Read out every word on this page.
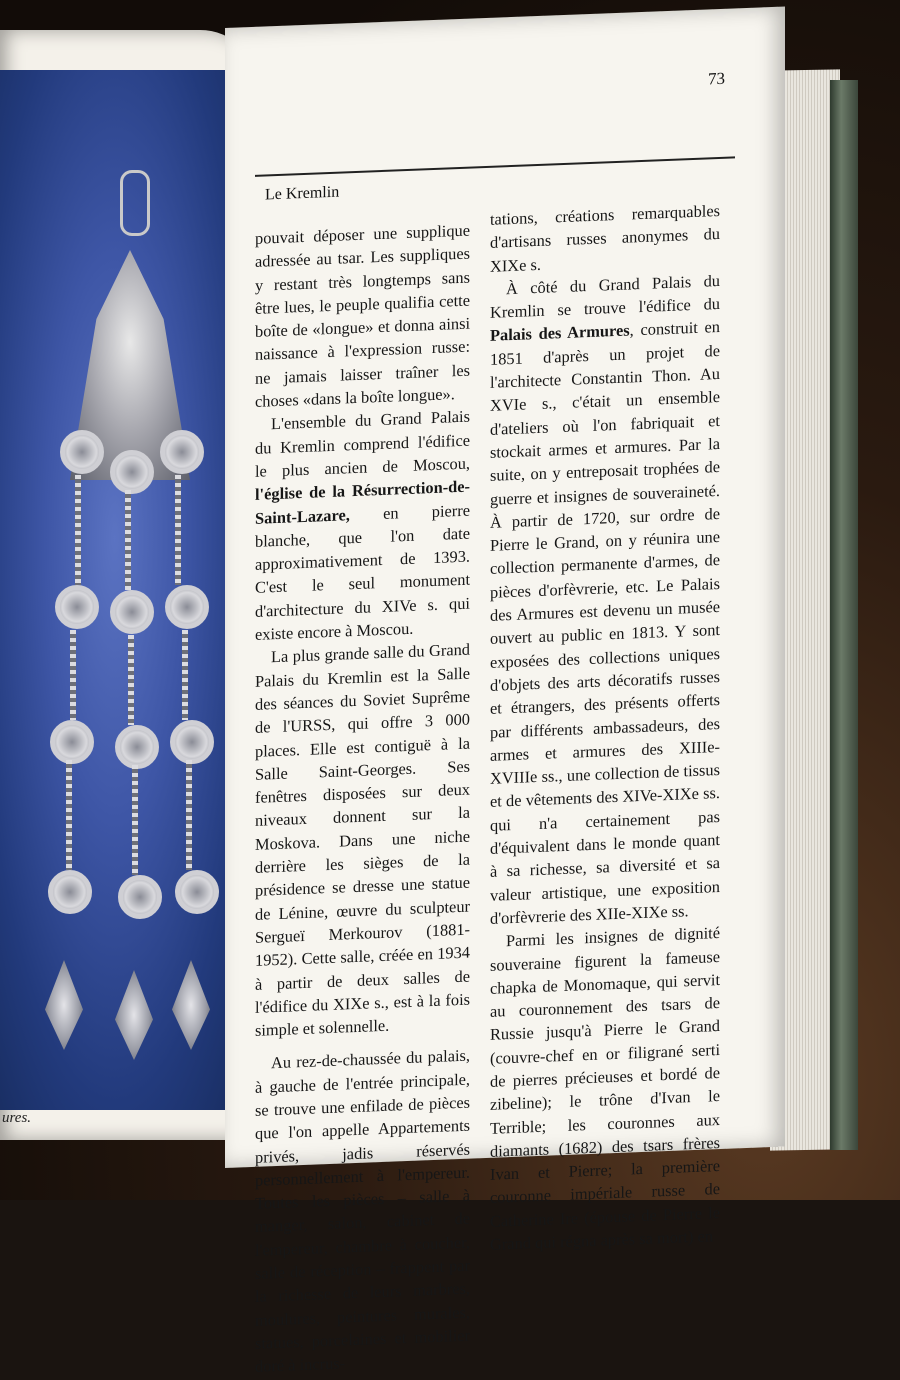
ures.
73
Le Kremlin

pouvait déposer une supplique adressée au tsar. Les suppliques y restant très longtemps sans être lues, le peuple qualifia cette boîte de «longue» et donna ainsi naissance à l'expression russe: ne jamais laisser traîner les choses «dans la boîte longue».

L'ensemble du Grand Palais du Kremlin comprend l'édifice le plus ancien de Moscou, l'église de la Résurrection-de-Saint-Lazare, en pierre blanche, que l'on date approximativement de 1393. C'est le seul monument d'architecture du XIVe s. qui existe encore à Moscou.

La plus grande salle du Grand Palais du Kremlin est la Salle des séances du Soviet Suprême de l'URSS, qui offre 3 000 places. Elle est contiguë à la Salle Saint-Georges. Ses fenêtres disposées sur deux niveaux donnent sur la Moskova. Dans une niche derrière les sièges de la présidence se dresse une statue de Lénine, œuvre du sculpteur Sergueï Merkourov (1881-1952). Cette salle, créée en 1934 à partir de deux salles de l'édifice du XIXe s., est à la fois simple et solennelle.

Au rez-de-chaussée du palais, à gauche de l'entrée principale, se trouve une enfilade de pièces que l'on appelle Appartements privés, jadis réservés personnellement à l'empereur. Toutes les pièces – salle à manger, salon, cabinet de l'empereur, chambre à coucher, salle de réception – frappent par la richesse de leurs marbres, moulures, peintures murales, statues, porcelaines et mobilier doré à incrus-

tations, créations remarquables d'artisans russes anonymes du XIXe s.

À côté du Grand Palais du Kremlin se trouve l'édifice du Palais des Armures, construit en 1851 d'après un projet de l'architecte Constantin Thon. Au XVIe s., c'était un ensemble d'ateliers où l'on fabriquait et stockait armes et armures. Par la suite, on y entreposait trophées de guerre et insignes de souveraineté. À partir de 1720, sur ordre de Pierre le Grand, on y réunira une collection permanente d'armes, de pièces d'orfèvrerie, etc. Le Palais des Armures est devenu un musée ouvert au public en 1813. Y sont exposées des collections uniques d'objets des arts décoratifs russes et étrangers, des présents offerts par différents ambassadeurs, des armes et armures des XIIIe-XVIIIe ss., une collection de tissus et de vêtements des XIVe-XIXe ss. qui n'a certainement pas d'équivalent dans le monde quant à sa richesse, sa diversité et sa valeur artistique, une exposition d'orfèvrerie des XIIe-XIXe ss.

Parmi les insignes de dignité souveraine figurent la fameuse chapka de Monomaque, qui servit au couronnement des tsars de Russie jusqu'à Pierre le Grand (couvre-chef en or filigrané serti de pierres précieuses et bordé de zibeline); le trône d'Ivan le Terrible; les couronnes aux diamants (1682) des tsars frères Ivan et Pierre; la première couronne impériale russe de Catherine Ire (épouse de Pierre le Grand qui régna après sa mort) en
